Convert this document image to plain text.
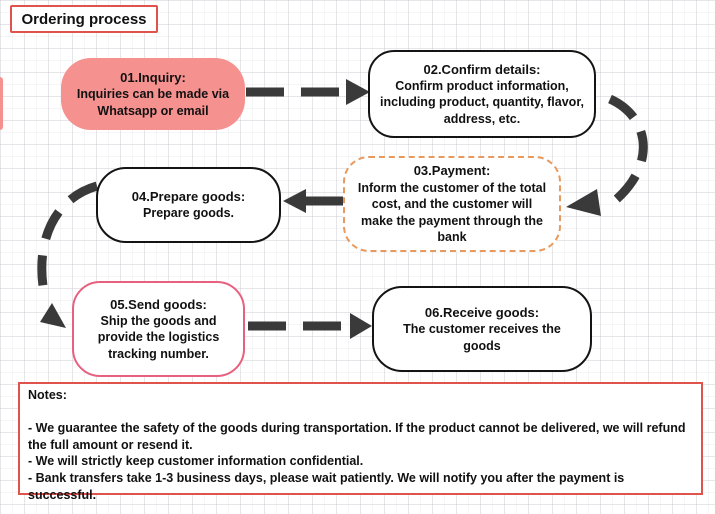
Ordering process
01.Inquiry:
Inquiries can be made via Whatsapp or email
02.Confirm details:
Confirm product information, including product, quantity, flavor, address, etc.
03.Payment:
Inform the customer of the total cost, and the customer will make the payment through the bank
04.Prepare goods:
Prepare goods.
05.Send goods:
Ship the goods and provide the logistics tracking number.
06.Receive goods:
The customer receives the goods
Notes:
- We guarantee the safety of the goods during transportation. If the product cannot be delivered, we will refund the full amount or resend it.
- We will strictly keep customer information confidential.
- Bank transfers take 1-3 business days, please wait patiently. We will notify you after the payment is successful.
